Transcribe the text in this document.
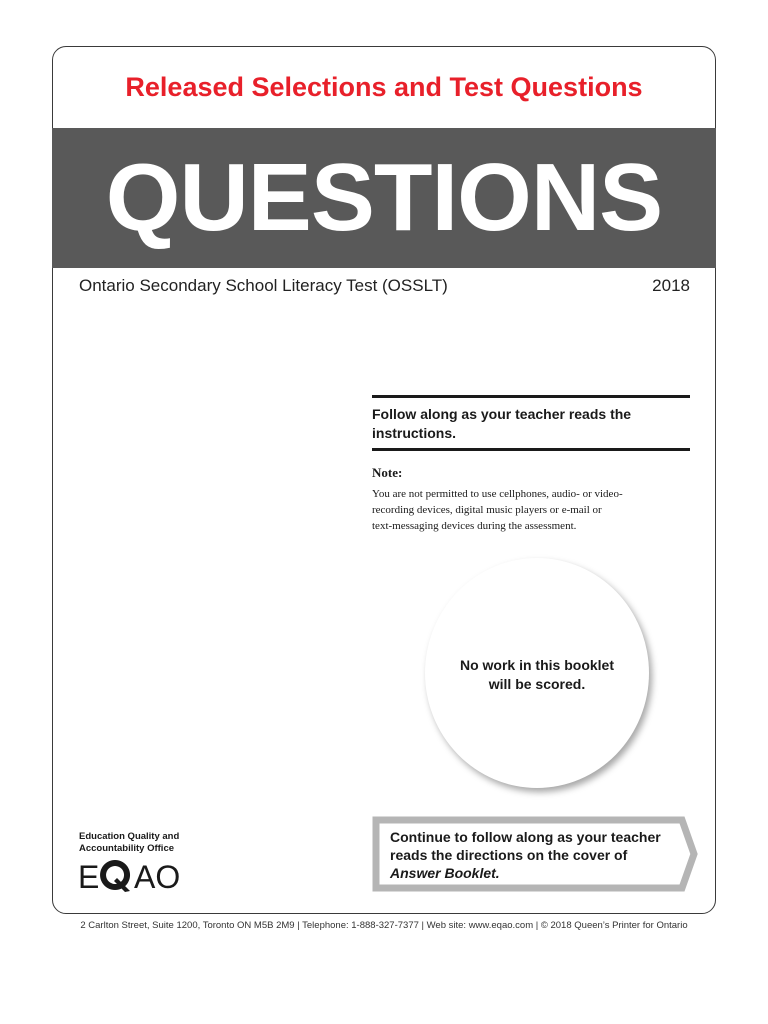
Released Selections and Test Questions
QUESTIONS
Ontario Secondary School Literacy Test (OSSLT)	2018
Follow along as your teacher reads the
instructions.
Note:
You are not permitted to use cellphones, audio- or video-
recording devices, digital music players or e-mail or
text-messaging devices during the assessment.
No work in this booklet
will be scored.
Continue to follow along as your teacher
reads the directions on the cover of
Answer Booklet.
Education Quality and
Accountability Office
E AO
2 Carlton Street, Suite 1200, Toronto ON M5B 2M9 | Telephone: 1-888-327-7377 | Web site: www.eqao.com | © 2018 Queen’s Printer for Ontario
